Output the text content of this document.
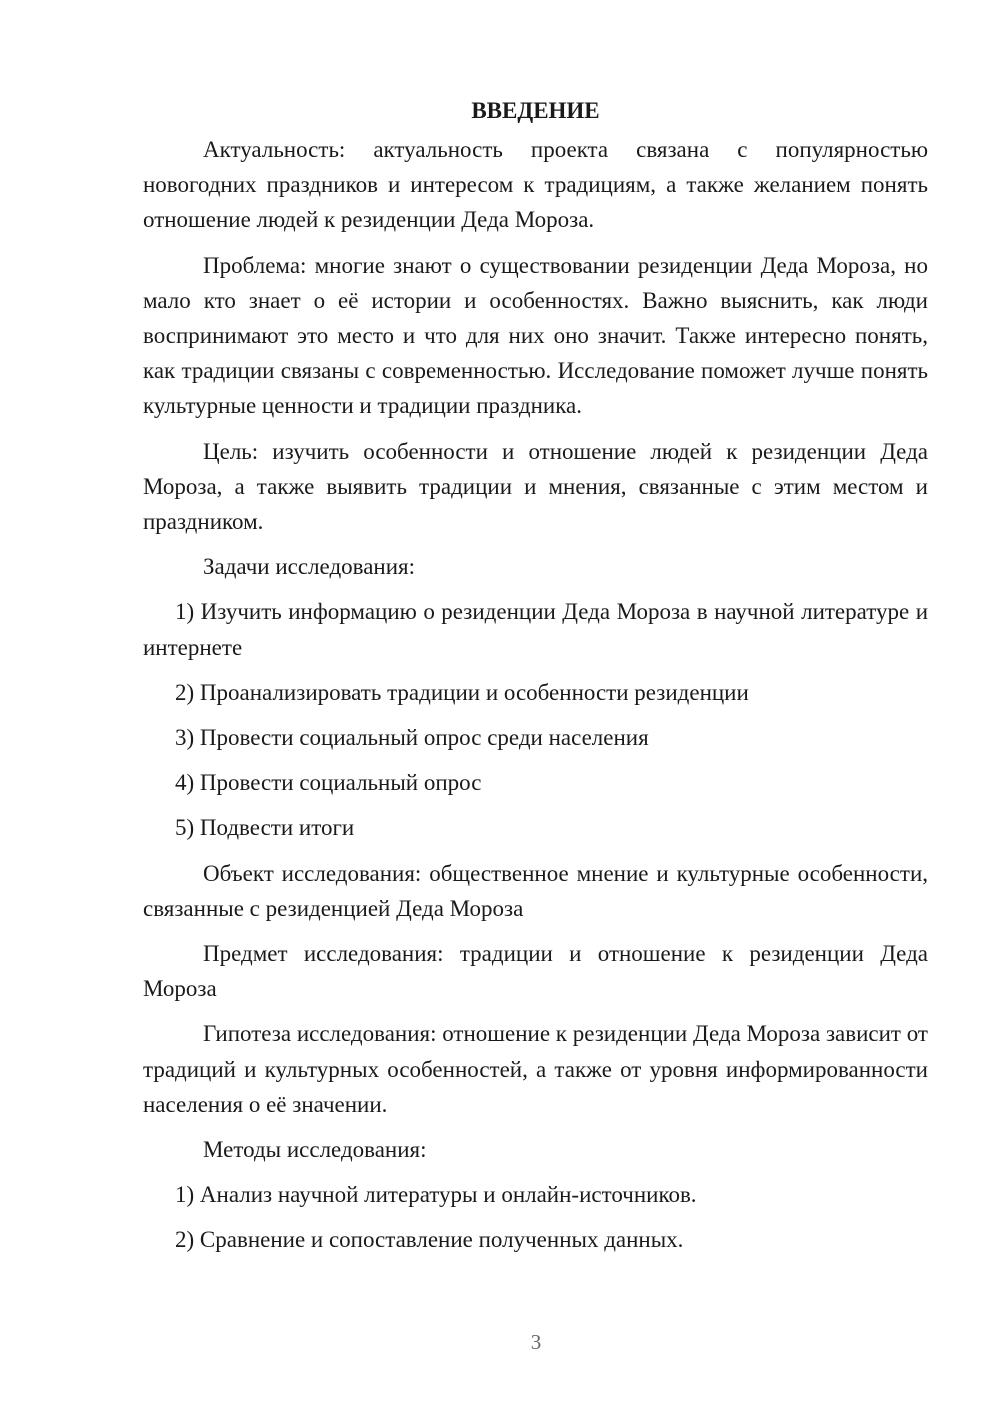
ВВЕДЕНИЕ

Актуальность: актуальность проекта связана с популярностью новогодних праздников и интересом к традициям, а также желанием понять отношение людей к резиденции Деда Мороза.

Проблема: многие знают о существовании резиденции Деда Мороза, но мало кто знает о её истории и особенностях. Важно выяснить, как люди воспринимают это место и что для них оно значит. Также интересно понять, как традиции связаны с современностью. Исследование поможет лучше понять культурные ценности и традиции праздника.

Цель: изучить особенности и отношение людей к резиденции Деда Мороза, а также выявить традиции и мнения, связанные с этим местом и праздником.

Задачи исследования:

1) Изучить информацию о резиденции Деда Мороза в научной литературе и интернете

2) Проанализировать традиции и особенности резиденции

3) Провести социальный опрос среди населения

4) Провести социальный опрос

5) Подвести итоги

Объект исследования: общественное мнение и культурные особенности, связанные с резиденцией Деда Мороза

Предмет исследования: традиции и отношение к резиденции Деда Мороза

Гипотеза исследования: отношение к резиденции Деда Мороза зависит от традиций и культурных особенностей, а также от уровня информированности населения о её значении.

Методы исследования:

1) Анализ научной литературы и онлайн-источников.

2) Сравнение и сопоставление полученных данных.

3
